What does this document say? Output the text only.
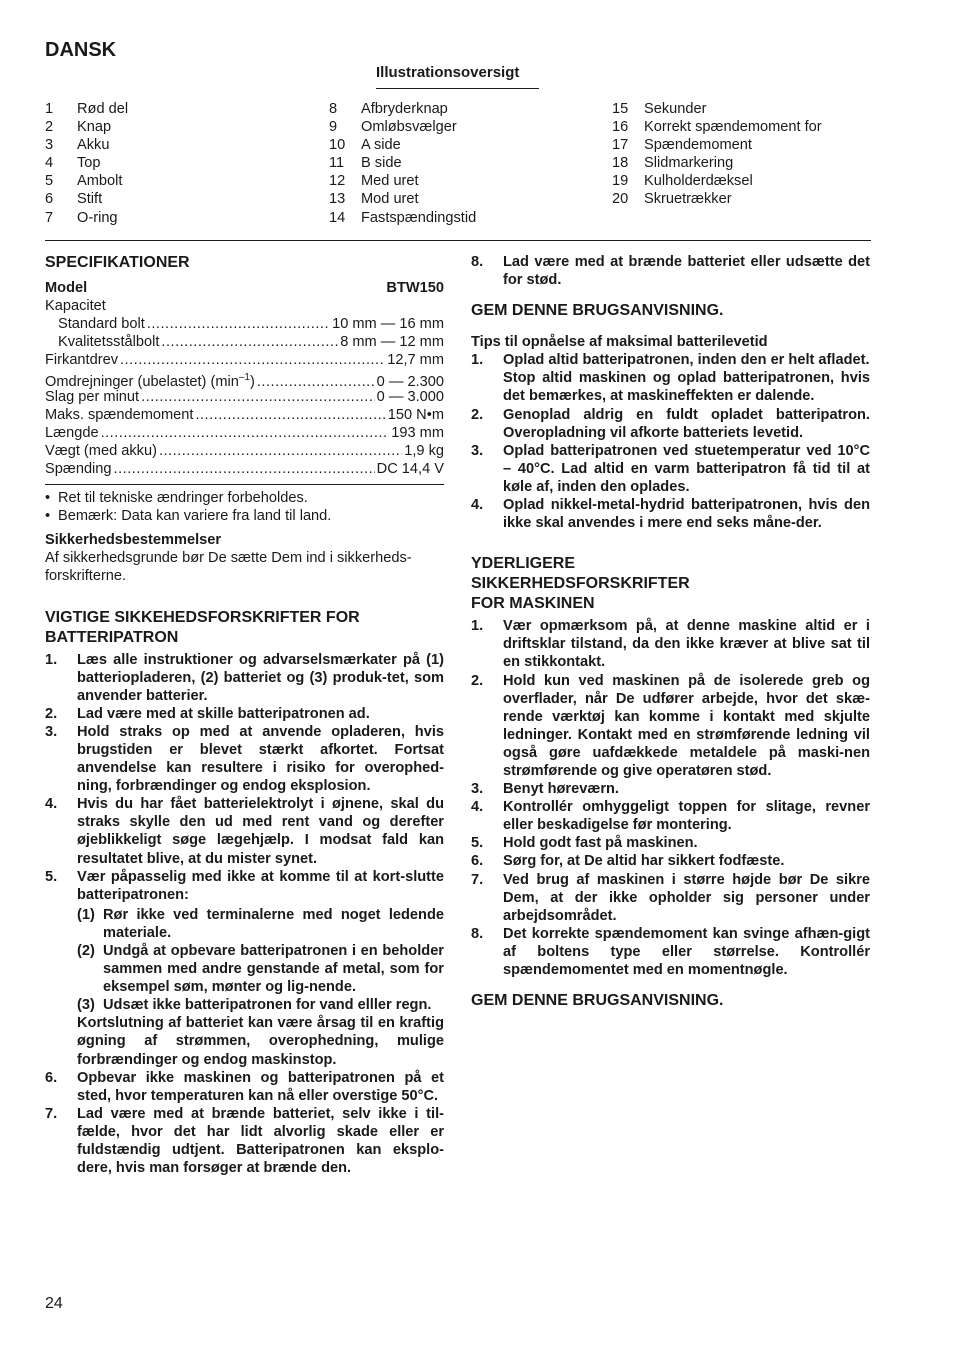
DANSK
Illustrationsoversigt
1	Rød del
2	Knap
3	Akku
4	Top
5	Ambolt
6	Stift
7	O-ring
8	Afbryderknap
9	Omløbsvælger
10	A side
11	B side
12	Med uret
13	Mod uret
14	Fastspændingstid
15	Sekunder
16	Korrekt spændemoment for
17	Spændemoment
18	Slidmarkering
19	Kulholderdæksel
20	Skruetrækker
SPECIFIKATIONER
Model	BTW150
Kapacitet
Standard bolt .....	10 mm — 16 mm
Kvalitetsstålbolt .....	8 mm — 12 mm
Firkantdrev .....	12,7 mm
Omdrejninger (ubelastet) $(\min^{-1})$ .....	0 — 2.300
Slag per minut .....	0 — 3.000
Maks. spændemoment .....	150 N•m
Længde .....	193 mm
Vægt (med akku) .....	1,9 kg
Spænding .....	DC 14,4 V
• Ret til tekniske ændringer forbeholdes.
• Bemærk: Data kan variere fra land til land.
Sikkerhedsbestemmelser
Af sikkerhedsgrunde bør De sætte Dem ind i sikkerheds-forskrifterne.
VIGTIGE SIKKEHEDSFORSKRIFTER FOR
BATTERIPATRON
1.	Læs alle instruktioner og advarselsmærkater på (1) batteriopladeren, (2) batteriet og (3) produk-tet, som anvender batterier.
2.	Lad være med at skille batteripatronen ad.
3.	Hold straks op med at anvende opladeren, hvis brugstiden er blevet stærkt afkortet. Fortsat anvendelse kan resultere i risiko for overophed-ning, forbrændinger og endog eksplosion.
4.	Hvis du har fået batterielektrolyt i øjnene, skal du straks skylle den ud med rent vand og derefter øjeblikkeligt søge lægehjælp. I modsat fald kan resultatet blive, at du mister synet.
5.	Vær påpasselig med ikke at komme til at kort-slutte batteripatronen:
(1) Rør ikke ved terminalerne med noget ledende materiale.
(2) Undgå at opbevare batteripatronen i en beholder sammen med andre genstande af metal, som for eksempel søm, mønter og lig-nende.
(3) Udsæt ikke batteripatronen for vand elller regn.
Kortslutning af batteriet kan være årsag til en kraftig øgning af strømmen, overophedning, mulige forbrændinger og endog maskinstop.
6.	Opbevar ikke maskinen og batteripatronen på et sted, hvor temperaturen kan nå eller overstige 50°C.
7.	Lad være med at brænde batteriet, selv ikke i til-fælde, hvor det har lidt alvorlig skade eller er fuldstændig udtjent. Batteripatronen kan eksplo-dere, hvis man forsøger at brænde den.
8.	Lad være med at brænde batteriet eller udsætte det for stød.
GEM DENNE BRUGSANVISNING.
Tips til opnåelse af maksimal batterilevetid
1.	Oplad altid batteripatronen, inden den er helt afladet.
Stop altid maskinen og oplad batteripatronen, hvis det bemærkes, at maskineffekten er dalende.
2.	Genoplad aldrig en fuldt opladet batteripatron. Overopladning vil afkorte batteriets levetid.
3.	Oplad batteripatronen ved stuetemperatur ved 10°C – 40°C. Lad altid en varm batteripatron få tid til at køle af, inden den oplades.
4.	Oplad nikkel-metal-hydrid batteripatronen, hvis den ikke skal anvendes i mere end seks måne-der.
YDERLIGERE
SIKKERHEDSFORSKRIFTER
FOR MASKINEN
1.	Vær opmærksom på, at denne maskine altid er i driftsklar tilstand, da den ikke kræver at blive sat til en stikkontakt.
2.	Hold kun ved maskinen på de isolerede greb og overflader, når De udfører arbejde, hvor det skæ-rende værktøj kan komme i kontakt med skjulte ledninger. Kontakt med en strømførende ledning vil også gøre uafdækkede metaldele på maski-nen strømførende og give operatøren stød.
3.	Benyt høreværn.
4.	Kontrollér omhyggeligt toppen for slitage, revner eller beskadigelse før montering.
5.	Hold godt fast på maskinen.
6.	Sørg for, at De altid har sikkert fodfæste.
7.	Ved brug af maskinen i større højde bør De sikre Dem, at der ikke opholder sig personer under arbejdsområdet.
8.	Det korrekte spændemoment kan svinge afhæn-gigt af boltens type eller størrelse. Kontrollér spændemomentet med en momentnøgle.
GEM DENNE BRUGSANVISNING.
24
